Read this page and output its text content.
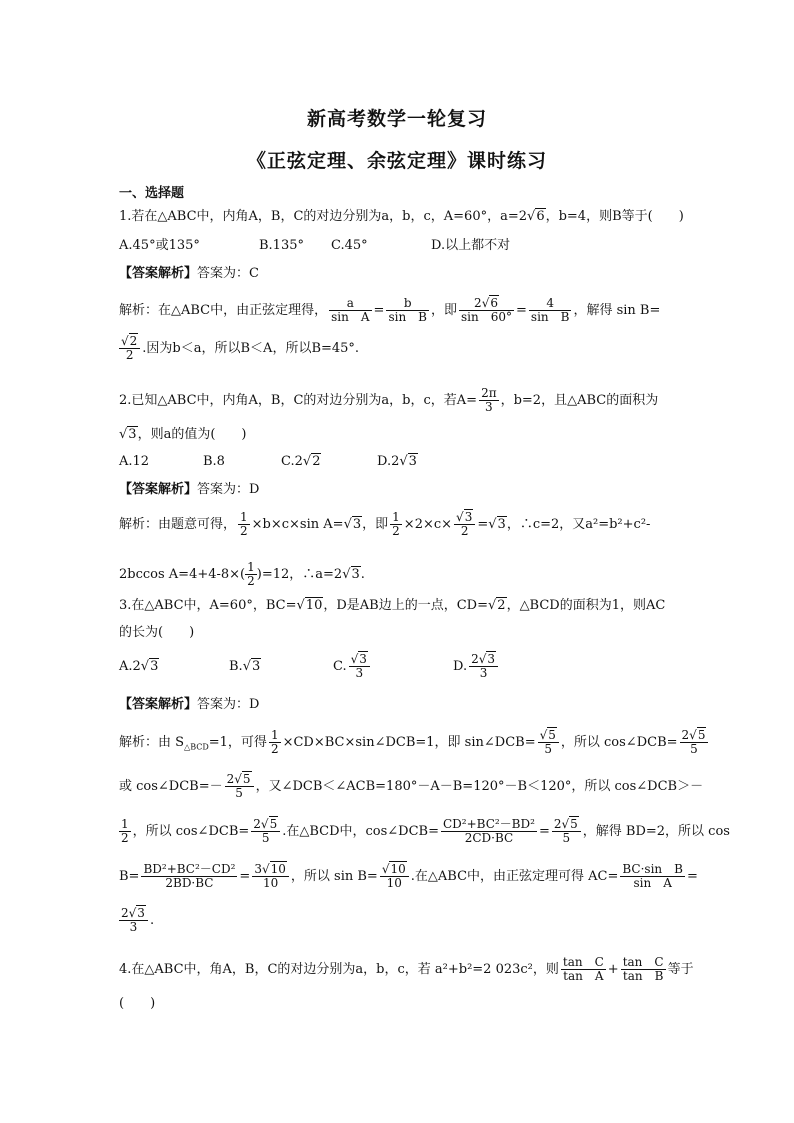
新高考数学一轮复习
《正弦定理、余弦定理》课时练习
一、选择题
1.若在△ABC中，内角A，B，C的对边分别为a，b，c，A=60°，a=2√6，b=4，则B等于(　　)
A.45°或135°	B.135° C.45°	D.以上都不对
【答案解析】答案为：C
解析：在△ABC中，由正弦定理得， $\frac{a}{\text{sin　A}} = \frac{b}{\text{sin　B}}$ ，即 $\frac{2√6}{\sin 60^\circ} = \frac{4}{\text{sin　B}}$ ，解得 sin B=
$\frac{√2}{2}$ .因为b＜a，所以B＜A，所以B=45°.
2.已知△ABC中，内角A，B，C的对边分别为a，b，c，若$A= \frac{2\pi}{3}$ ，b=2，且△ABC的面积为
√3，则a的值为(　　)
A.12	B.8	C.2√2	D.2√3
【答案解析】答案为：D
解析：由题意可得， $\frac{1}{2} \times b\times c\times\sin$ A=√3，即 $\frac{1}{2} \times 2\times c\times \frac{√3}{2} =√3$，∴c=2，又a²=b²+c²-
2bccos $A=4+4-8\times( \frac{1}{2} )=12$，∴a=2√3.
3.在△ABC中，A=60°，BC=√10，D是AB边上的一点，CD=√2，△BCD的面积为1，则AC
的长为(　　)
A.2√3	B.√3	C. $\frac{√3}{3}$	D. $\frac{2√3}{3}$
【答案解析】答案为：D
解析：由 $S_{\triangle BCD}=1$，可得 $\frac{1}{2}$ ×CD×BC×sin∠DCB=1，即 sin∠DCB= $\frac{√5}{5}$ ，所以 cos∠DCB= $\frac{2√5}{5}$
或 cos∠DCB=－ $\frac{2√5}{5}$ ，又∠DCB＜∠ACB=180°－A－B=120°－B＜120°，所以 cos∠DCB＞－
$\frac{1}{2}$ ，所以 cos∠DCB= $\frac{2√5}{5}$ .在△BCD中，cos∠DCB= $\frac{\text{CD²+BC²－BD²}}{2CD\cdot BC} = \frac{2√5}{5}$ ，解得 BD=2，所以 cos
$B= \frac{\text{BD²+BC²－CD²}}{2BD\cdot BC} = \frac{3√10}{10}$ ，所以 $\sin B= \frac{√10}{10}$ .在△ABC中，由正弦定理可得 $AC= \frac{\text{BC·sin　B}}{\text{sin　A}}$ =
$\frac{2√3}{3}$ .
4.在△ABC中，角A，B，C的对边分别为a，b，c，若 a²+b²=2 023c²，则 $\frac{\text{tan　C}}{\text{tan　A}} + \frac{\text{tan　C}}{\text{tan　B}}$ 等于
(　　)
